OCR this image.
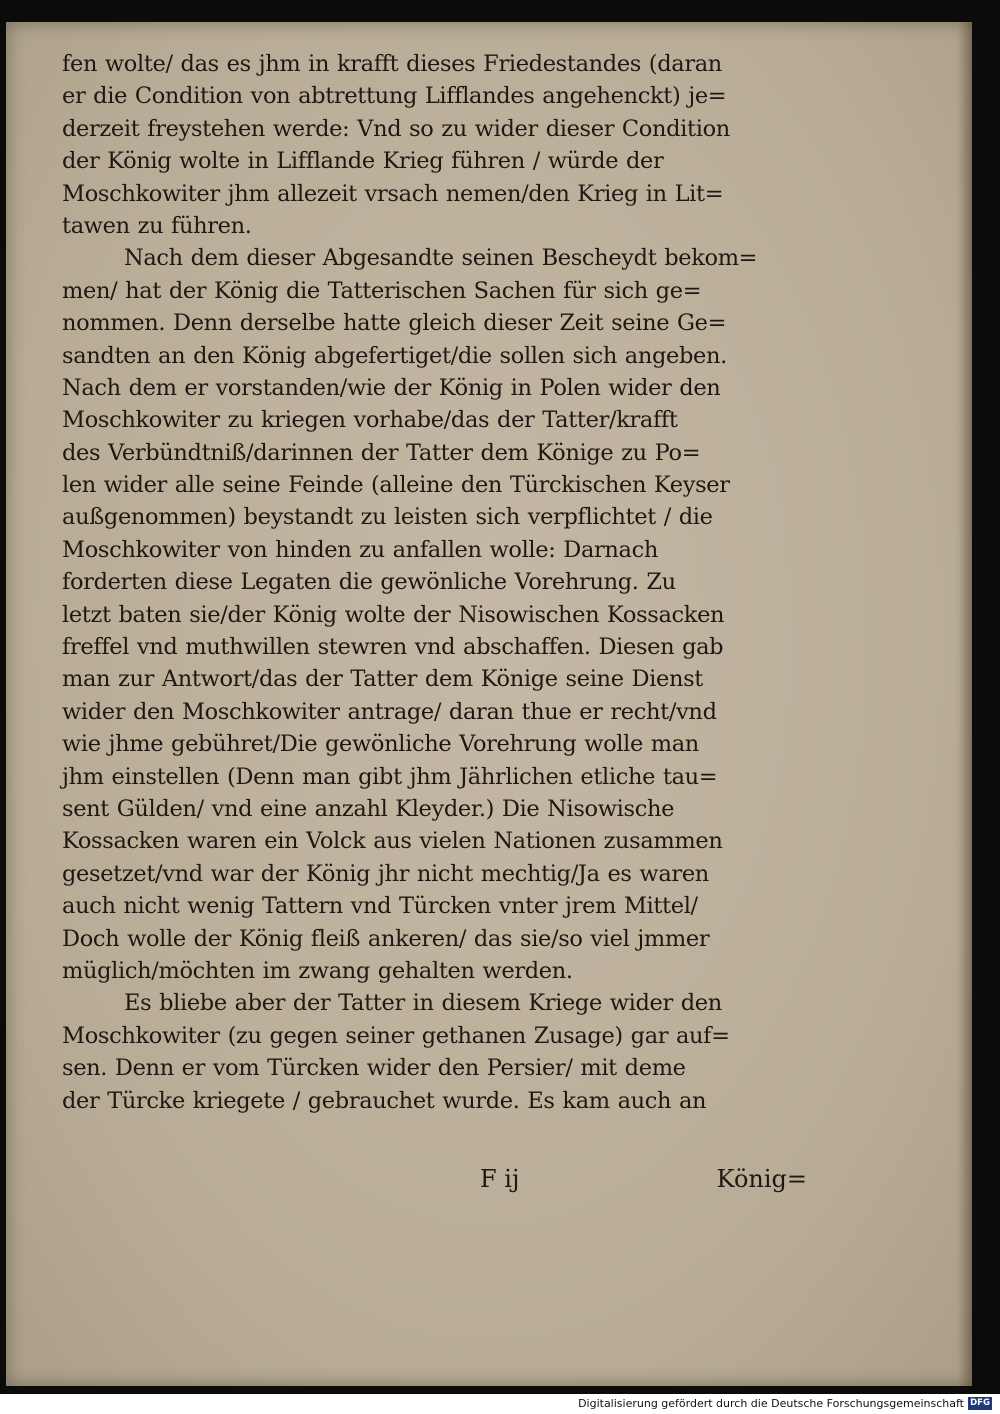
fen wolte/ das es jhm in krafft dieses Friedestandes (daran
er die Condition von abtrettung Lifflandes angehenckt) je=
derzeit freystehen werde: Vnd so zu wider dieser Condition
der König wolte in Lifflande Krieg führen / würde der
Moschkowiter jhm allezeit vrsach nemen/den Krieg in Lit=
tawen zu führen.
Nach dem dieser Abgesandte seinen Bescheydt bekom=
men/ hat der König die Tatterischen Sachen für sich ge=
nommen. Denn derselbe hatte gleich dieser Zeit seine Ge=
sandten an den König abgefertiget/die sollen sich angeben.
Nach dem er vorstanden/wie der König in Polen wider den
Moschkowiter zu kriegen vorhabe/das der Tatter/krafft
des Verbündtniß/darinnen der Tatter dem Könige zu Po=
len wider alle seine Feinde (alleine den Türckischen Keyser
außgenommen) beystandt zu leisten sich verpflichtet / die
Moschkowiter von hinden zu anfallen wolle: Darnach
forderten diese Legaten die gewönliche Vorehrung. Zu
letzt baten sie/der König wolte der Nisowischen Kossacken
freffel vnd muthwillen stewren vnd abschaffen. Diesen gab
man zur Antwort/das der Tatter dem Könige seine Dienst
wider den Moschkowiter antrage/ daran thue er recht/vnd
wie jhme gebühret/Die gewönliche Vorehrung wolle man
jhm einstellen (Denn man gibt jhm Jährlichen etliche tau=
sent Gülden/ vnd eine anzahl Kleyder.) Die Nisowische
Kossacken waren ein Volck aus vielen Nationen zusammen
gesetzet/vnd war der König jhr nicht mechtig/Ja es waren
auch nicht wenig Tattern vnd Türcken vnter jrem Mittel/
Doch wolle der König fleiß ankeren/ das sie/so viel jmmer
müglich/möchten im zwang gehalten werden.
Es bliebe aber der Tatter in diesem Kriege wider den
Moschkowiter (zu gegen seiner gethanen Zusage) gar auf=
sen. Denn er vom Türcken wider den Persier/ mit deme
der Türcke kriegete / gebrauchet wurde. Es kam auch an
F ij	König=
Digitalisierung gefördert durch die Deutsche Forschungsgemeinschaft DFG
